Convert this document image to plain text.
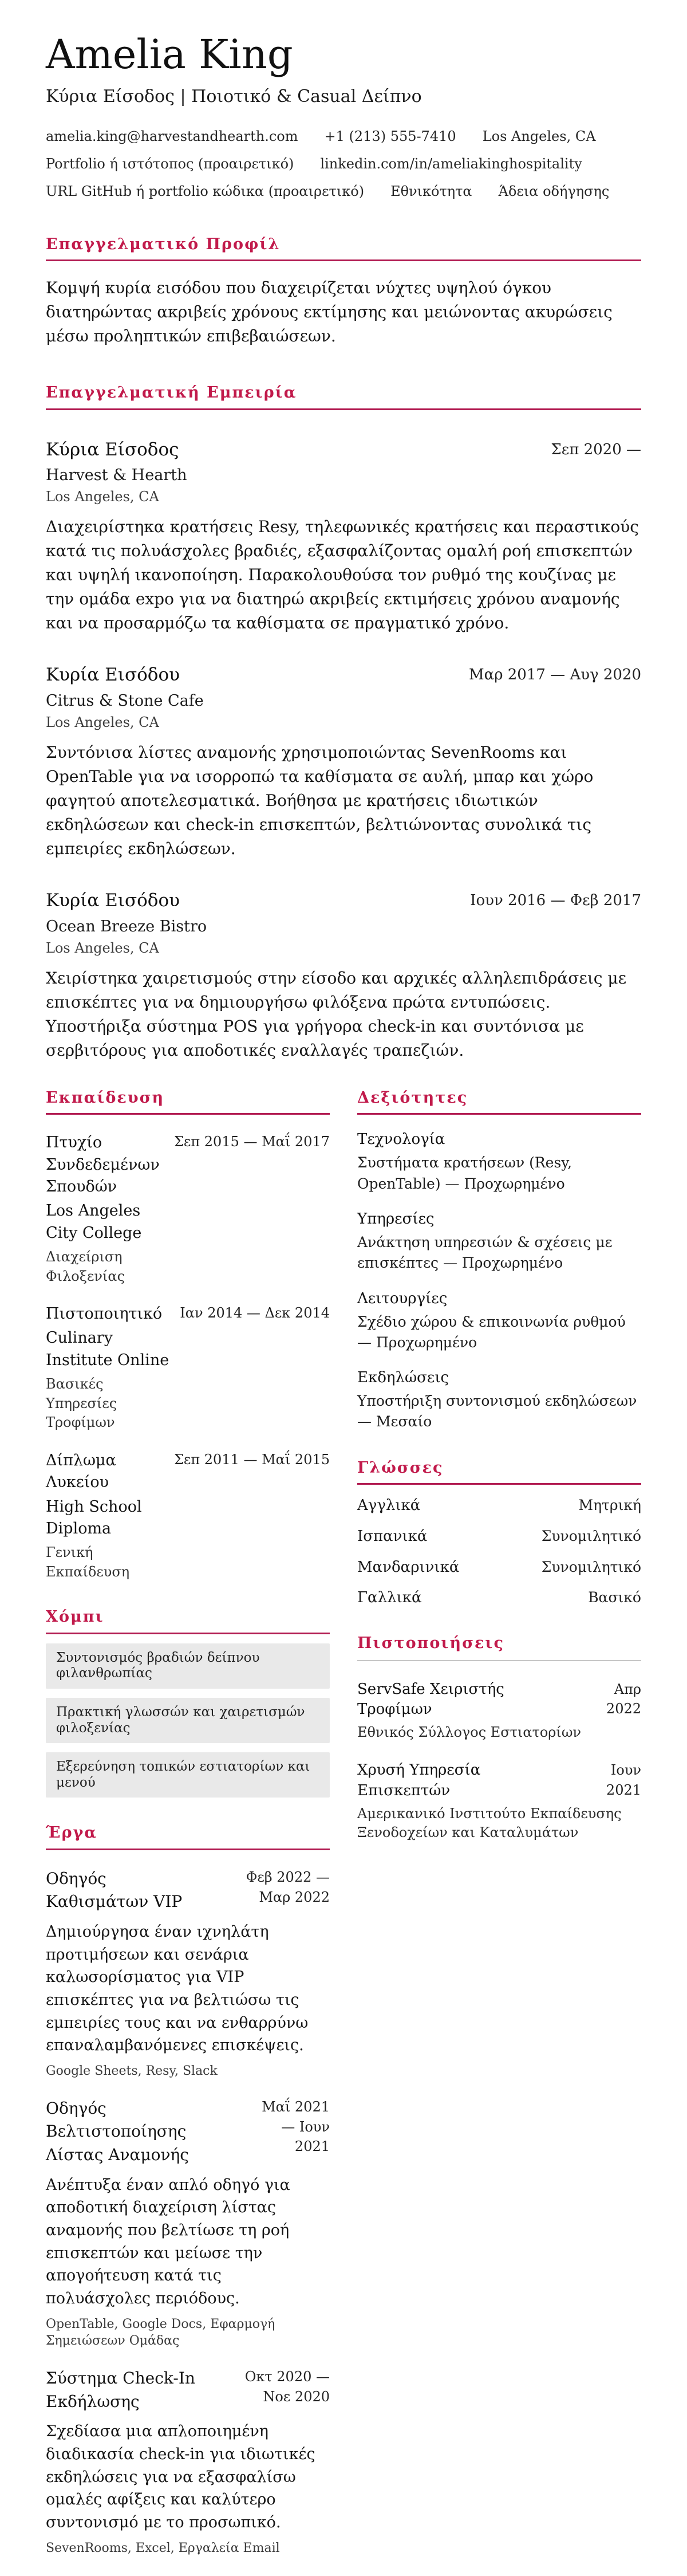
Amelia King
Κύρια Είσοδος | Ποιοτικό & Casual Δείπνο
amelia.king@harvestandhearth.com +1 (213) 555-7410 Los Angeles, CA
Portfolio ή ιστότοπος (προαιρετικό) linkedin.com/in/ameliakinghospitality
URL GitHub ή portfolio κώδικα (προαιρετικό) Εθνικότητα Άδεια οδήγησης
Επαγγελματικό Προφίλ

Κομψή κυρία εισόδου που διαχειρίζεται νύχτες υψηλού όγκου διατηρώντας ακριβείς χρόνους εκτίμησης και μειώνοντας ακυρώσεις μέσω προληπτικών επιβεβαιώσεων.

Επαγγελματική Εμπειρία
Κύρια Είσοδος	Σεπ 2020 —
Harvest & Hearth
Los Angeles, CA

Διαχειρίστηκα κρατήσεις Resy, τηλεφωνικές κρατήσεις και περαστικούς κατά τις πολυάσχολες βραδιές, εξασφαλίζοντας ομαλή ροή επισκεπτών και υψηλή ικανοποίηση. Παρακολουθούσα τον ρυθμό της κουζίνας με την ομάδα expo για να διατηρώ ακριβείς εκτιμήσεις χρόνου αναμονής και να προσαρμόζω τα καθίσματα σε πραγματικό χρόνο.

Κυρία Εισόδου	Μαρ 2017 — Αυγ 2020
Citrus & Stone Cafe
Los Angeles, CA

Συντόνισα λίστες αναμονής χρησιμοποιώντας SevenRooms και OpenTable για να ισορροπώ τα καθίσματα σε αυλή, μπαρ και χώρο φαγητού αποτελεσματικά. Βοήθησα με κρατήσεις ιδιωτικών εκδηλώσεων και check-in επισκεπτών, βελτιώνοντας συνολικά τις εμπειρίες εκδηλώσεων.

Κυρία Εισόδου	Ιουν 2016 — Φεβ 2017
Ocean Breeze Bistro
Los Angeles, CA

Χειρίστηκα χαιρετισμούς στην είσοδο και αρχικές αλληλεπιδράσεις με επισκέπτες για να δημιουργήσω φιλόξενα πρώτα εντυπώσεις. Υποστήριξα σύστημα POS για γρήγορα check-in και συντόνισα με σερβιτόρους για αποδοτικές εναλλαγές τραπεζιών.

Εκπαίδευση
Πτυχίο Συνδεδεμένων Σπουδών
Los Angeles City College
Διαχείριση Φιλοξενίας
Σεπ 2015 — Μαΐ 2017
Πιστοποιητικό
Culinary Institute Online
Βασικές Υπηρεσίες Τροφίμων
Ιαν 2014 — Δεκ 2014
Δίπλωμα Λυκείου
High School Diploma
Γενική Εκπαίδευση
Σεπ 2011 — Μαΐ 2015
Χόμπι
Συντονισμός βραδιών δείπνου φιλανθρωπίας
Πρακτική γλωσσών και χαιρετισμών φιλοξενίας
Εξερεύνηση τοπικών εστιατορίων και μενού
Έργα
Οδηγός Καθισμάτων VIP
Φεβ 2022 — Μαρ 2022

Δημιούργησα έναν ιχνηλάτη προτιμήσεων και σενάρια καλωσορίσματος για VIP επισκέπτες για να βελτιώσω τις εμπειρίες τους και να ενθαρρύνω επαναλαμβανόμενες επισκέψεις.

Google Sheets, Resy, Slack
Οδηγός Βελτιστοποίησης Λίστας Αναμονής
Μαΐ 2021 — Ιουν 2021

Ανέπτυξα έναν απλό οδηγό για αποδοτική διαχείριση λίστας αναμονής που βελτίωσε τη ροή επισκεπτών και μείωσε την απογοήτευση κατά τις πολυάσχολες περιόδους.

OpenTable, Google Docs, Εφαρμογή Σημειώσεων Ομάδας
Σύστημα Check-In Εκδήλωσης
Οκτ 2020 — Νοε 2020

Σχεδίασα μια απλοποιημένη διαδικασία check-in για ιδιωτικές εκδηλώσεις για να εξασφαλίσω ομαλές αφίξεις και καλύτερο συντονισμό με το προσωπικό.

SevenRooms, Excel, Εργαλεία Email
Δεξιότητες
Τεχνολογία
Συστήματα κρατήσεων (Resy, OpenTable) — Προχωρημένο
Υπηρεσίες
Ανάκτηση υπηρεσιών & σχέσεις με επισκέπτες — Προχωρημένο
Λειτουργίες
Σχέδιο χώρου & επικοινωνία ρυθμού — Προχωρημένο
Εκδηλώσεις
Υποστήριξη συντονισμού εκδηλώσεων — Μεσαίο
Γλώσσες
Αγγλικά	Μητρική
Ισπανικά	Συνομιλητικό
Μανδαρινικά	Συνομιλητικό
Γαλλικά	Βασικό
Πιστοποιήσεις
ServSafe Χειριστής Τροφίμων
Απρ 2022
Εθνικός Σύλλογος Εστιατορίων
Χρυσή Υπηρεσία Επισκεπτών
Ιουν 2021
Αμερικανικό Ινστιτούτο Εκπαίδευσης Ξενοδοχείων και Καταλυμάτων
